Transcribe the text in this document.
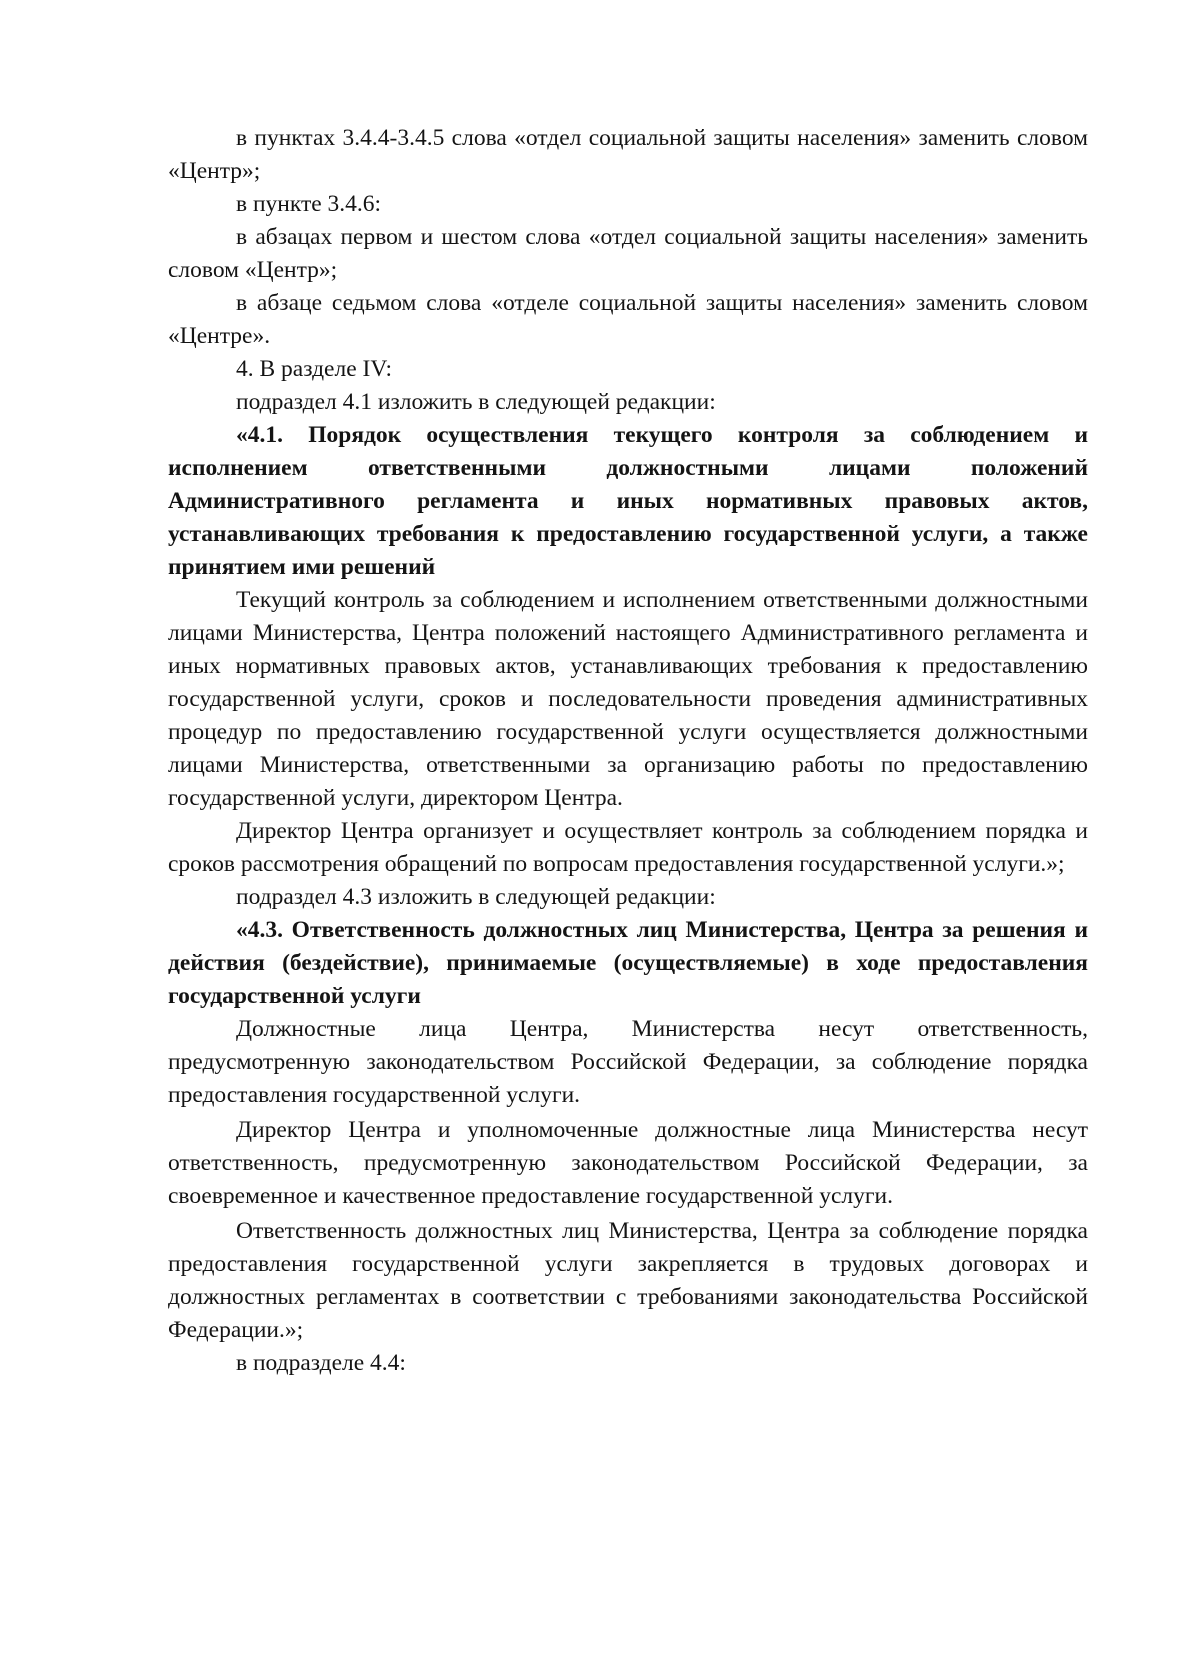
в пунктах 3.4.4-3.4.5 слова «отдел социальной защиты населения» заменить словом «Центр»;

в пункте 3.4.6:

в абзацах первом и шестом слова «отдел социальной защиты населения» заменить словом «Центр»;

в абзаце седьмом слова «отделе социальной защиты населения» заменить словом «Центре».

4. В разделе IV:

подраздел 4.1 изложить в следующей редакции:

«4.1. Порядок осуществления текущего контроля за соблюдением и исполнением ответственными должностными лицами положений Административного регламента и иных нормативных правовых актов, устанавливающих требования к предоставлению государственной услуги, а также принятием ими решений

Текущий контроль за соблюдением и исполнением ответственными должностными лицами Министерства, Центра положений настоящего Административного регламента и иных нормативных правовых актов, устанавливающих требования к предоставлению государственной услуги, сроков и последовательности проведения административных процедур по предоставлению государственной услуги осуществляется должностными лицами Министерства, ответственными за организацию работы по предоставлению государственной услуги, директором Центра.

Директор Центра организует и осуществляет контроль за соблюдением порядка и сроков рассмотрения обращений по вопросам предоставления государственной услуги.»;

подраздел 4.3 изложить в следующей редакции:

«4.3. Ответственность должностных лиц Министерства, Центра за решения и действия (бездействие), принимаемые (осуществляемые) в ходе предоставления государственной услуги

Должностные лица Центра, Министерства несут ответственность, предусмотренную законодательством Российской Федерации, за соблюдение порядка предоставления государственной услуги.

Директор Центра и уполномоченные должностные лица Министерства несут ответственность, предусмотренную законодательством Российской Федерации, за своевременное и качественное предоставление государственной услуги.

Ответственность должностных лиц Министерства, Центра за соблюдение порядка предоставления государственной услуги закрепляется в трудовых договорах и должностных регламентах в соответствии с требованиями законодательства Российской Федерации.»;

в подразделе 4.4:
